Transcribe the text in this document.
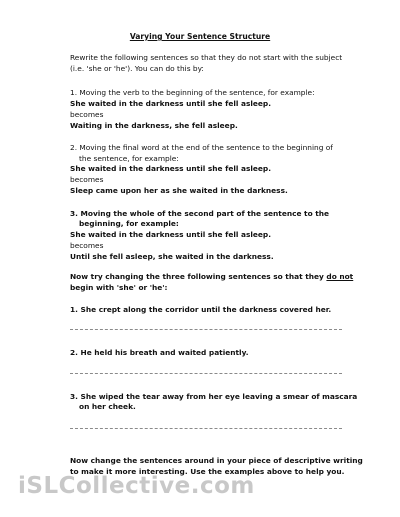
Varying Your Sentence Structure
Rewrite the following sentences so that they do not start with the subject
(i.e. 'she or 'he'). You can do this by:
1. Moving the verb to the beginning of the sentence, for example:
She waited in the darkness until she fell asleep.
becomes
Waiting in the darkness, she fell asleep.
2. Moving the final word at the end of the sentence to the beginning of
the sentence, for example:
She waited in the darkness until she fell asleep.
becomes
Sleep came upon her as she waited in the darkness.
3. Moving the whole of the second part of the sentence to the
beginning, for example:
She waited in the darkness until she fell asleep.
becomes
Until she fell asleep, she waited in the darkness.
Now try changing the three following sentences so that they do not
begin with 'she' or 'he':
1. She crept along the corridor until the darkness covered her.
2. He held his breath and waited patiently.
3. She wiped the tear away from her eye leaving a smear of mascara
on her cheek.
Now change the sentences around in your piece of descriptive writing
to make it more interesting. Use the examples above to help you.
iSLCollective.com
